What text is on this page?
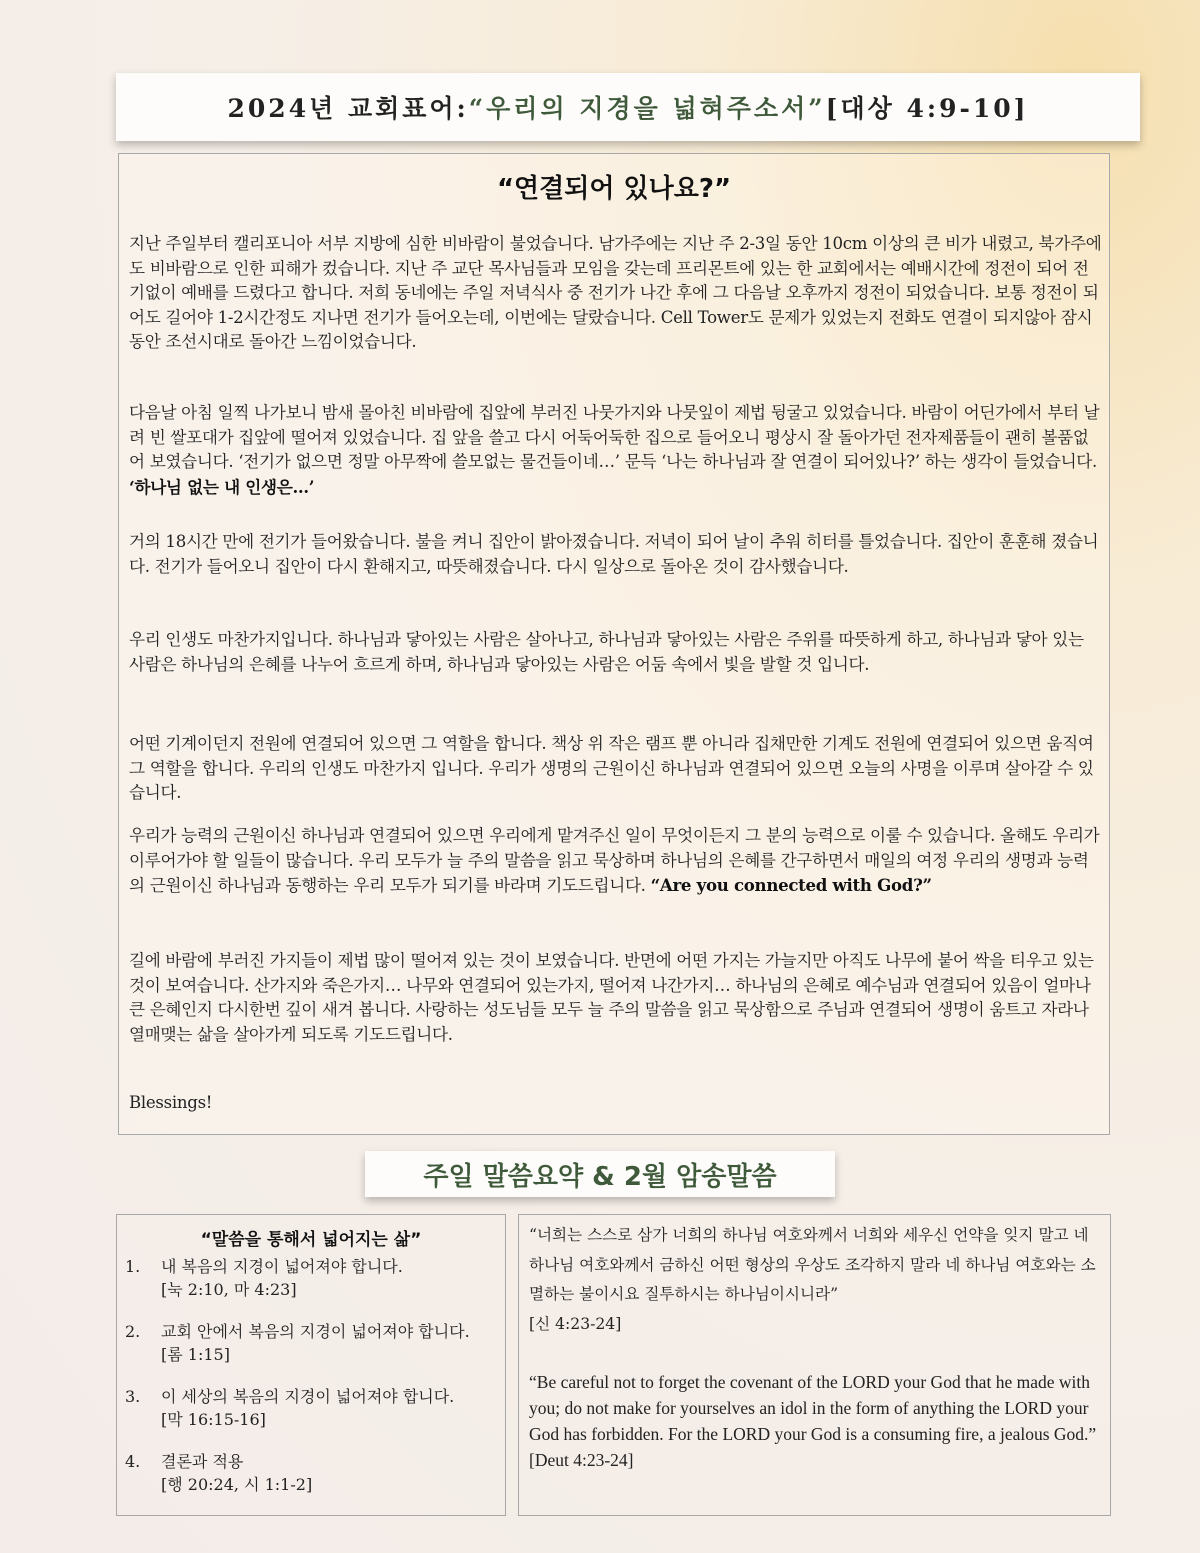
2024년 교회표어: “우리의 지경을 넓혀주소서” [대상 4:9-10]
“연결되어 있나요?”

지난 주일부터 캘리포니아 서부 지방에 심한 비바람이 불었습니다. 남가주에는 지난 주 2-3일 동안 10cm 이상의 큰 비가 내렸고, 북가주에도 비바람으로 인한 피해가 컸습니다. 지난 주 교단 목사님들과 모임을 갖는데 프리몬트에 있는 한 교회에서는 예배시간에 정전이 되어 전기없이 예배를 드렸다고 합니다. 저희 동네에는 주일 저녁식사 중 전기가 나간 후에 그 다음날 오후까지 정전이 되었습니다. 보통 정전이 되어도 길어야 1-2시간정도 지나면 전기가 들어오는데, 이번에는 달랐습니다. Cell Tower도 문제가 있었는지 전화도 연결이 되지않아 잠시동안 조선시대로 돌아간 느낌이었습니다.

다음날 아침 일찍 나가보니 밤새 몰아친 비바람에 집앞에 부러진 나뭇가지와 나뭇잎이 제법 뒹굴고 있었습니다. 바람이 어딘가에서 부터 날려 빈 쌀포대가 집앞에 떨어져 있었습니다. 집 앞을 쓸고 다시 어둑어둑한 집으로 들어오니 평상시 잘 돌아가던 전자제품들이 괜히 볼품없어 보였습니다. ‘전기가 없으면 정말 아무짝에 쓸모없는 물건들이네…’ 문득 ‘나는 하나님과 잘 연결이 되어있나?’ 하는 생각이 들었습니다. ‘하나님 없는 내 인생은…’

거의 18시간 만에 전기가 들어왔습니다. 불을 켜니 집안이 밝아졌습니다. 저녁이 되어 날이 추워 히터를 틀었습니다. 집안이 훈훈해 졌습니다. 전기가 들어오니 집안이 다시 환해지고, 따뜻해졌습니다. 다시 일상으로 돌아온 것이 감사했습니다.

우리 인생도 마찬가지입니다. 하나님과 닿아있는 사람은 살아나고, 하나님과 닿아있는 사람은 주위를 따뜻하게 하고, 하나님과 닿아 있는 사람은 하나님의 은혜를 나누어 흐르게 하며, 하나님과 닿아있는 사람은 어둠 속에서 빛을 발할 것 입니다.

어떤 기계이던지 전원에 연결되어 있으면 그 역할을 합니다. 책상 위 작은 램프 뿐 아니라 집채만한 기계도 전원에 연결되어 있으면 움직여 그 역할을 합니다. 우리의 인생도 마찬가지 입니다. 우리가 생명의 근원이신 하나님과 연결되어 있으면 오늘의 사명을 이루며 살아갈 수 있습니다.

우리가 능력의 근원이신 하나님과 연결되어 있으면 우리에게 맡겨주신 일이 무엇이든지 그 분의 능력으로 이룰 수 있습니다. 올해도 우리가 이루어가야 할 일들이 많습니다. 우리 모두가 늘 주의 말씀을 읽고 묵상하며 하나님의 은혜를 간구하면서 매일의 여정 우리의 생명과 능력의 근원이신 하나님과 동행하는 우리 모두가 되기를 바라며 기도드립니다. “Are you connected with God?”

길에 바람에 부러진 가지들이 제법 많이 떨어져 있는 것이 보였습니다. 반면에 어떤 가지는 가늘지만 아직도 나무에 붙어 싹을 티우고 있는 것이 보여습니다. 산가지와 죽은가지… 나무와 연결되어 있는가지, 떨어져 나간가지… 하나님의 은혜로 예수님과 연결되어 있음이 얼마나 큰 은혜인지 다시한번 깊이 새겨 봅니다. 사랑하는 성도님들 모두 늘 주의 말씀을 읽고 묵상함으로 주님과 연결되어 생명이 움트고 자라나 열매맺는 삶을 살아가게 되도록 기도드립니다.

Blessings!

주일 말씀요약 & 2월 암송말씀
“말씀을 통해서 넓어지는 삶”
1. 내 복음의 지경이 넓어져야 합니다.
[눅 2:10, 마 4:23]
2. 교회 안에서 복음의 지경이 넓어져야 합니다.
[롬 1:15]
3. 이 세상의 복음의 지경이 넓어져야 합니다.
[막 16:15-16]
4. 결론과 적용
[행 20:24, 시 1:1-2]

“너희는 스스로 삼가 너희의 하나님 여호와께서 너희와 세우신 언약을 잊지 말고 네 하나님 여호와께서 금하신 어떤 형상의 우상도 조각하지 말라 네 하나님 여호와는 소멸하는 불이시요 질투하시는 하나님이시니라”
[신 4:23-24]

“Be careful not to forget the covenant of the LORD your God that he made with you; do not make for yourselves an idol in the form of anything the LORD your God has forbidden. For the LORD your God is a consuming fire, a jealous God.” [Deut 4:23-24]
